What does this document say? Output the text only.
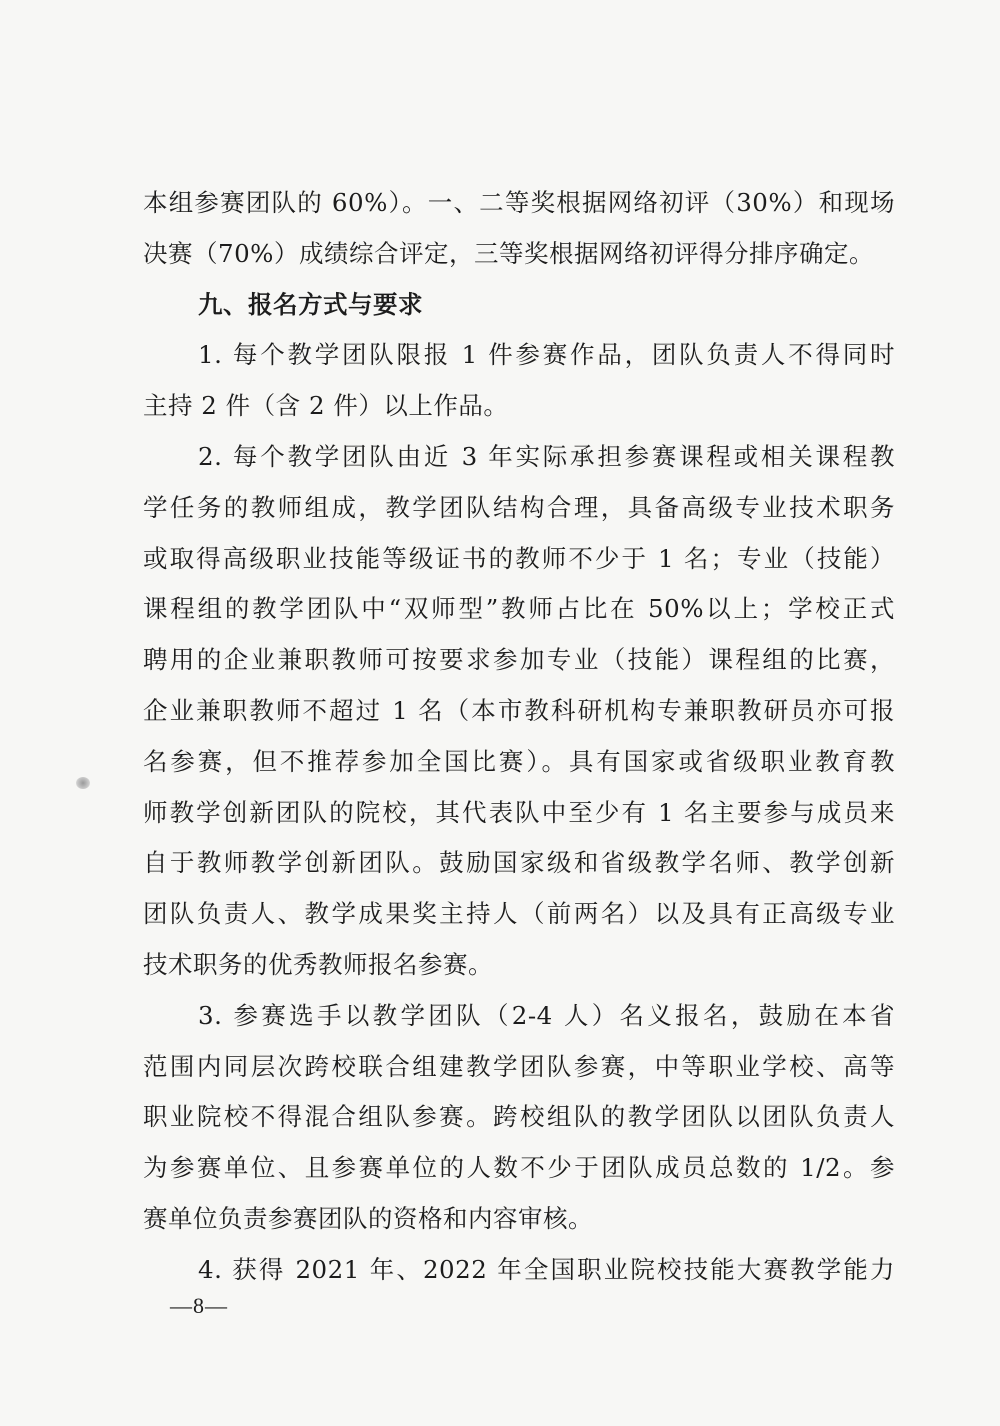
本组参赛团队的 60%）。一、二等奖根据网络初评（30%）和现场
决赛（70%）成绩综合评定，三等奖根据网络初评得分排序确定。
九、报名方式与要求
1. 每个教学团队限报 1 件参赛作品，团队负责人不得同时
主持 2 件（含 2 件）以上作品。
2. 每个教学团队由近 3 年实际承担参赛课程或相关课程教
学任务的教师组成，教学团队结构合理，具备高级专业技术职务
或取得高级职业技能等级证书的教师不少于 1 名；专业（技能）
课程组的教学团队中“双师型”教师占比在 50%以上；学校正式
聘用的企业兼职教师可按要求参加专业（技能）课程组的比赛，
企业兼职教师不超过 1 名（本市教科研机构专兼职教研员亦可报
名参赛，但不推荐参加全国比赛）。具有国家或省级职业教育教
师教学创新团队的院校，其代表队中至少有 1 名主要参与成员来
自于教师教学创新团队。鼓励国家级和省级教学名师、教学创新
团队负责人、教学成果奖主持人（前两名）以及具有正高级专业
技术职务的优秀教师报名参赛。
3. 参赛选手以教学团队（2-4 人）名义报名，鼓励在本省
范围内同层次跨校联合组建教学团队参赛，中等职业学校、高等
职业院校不得混合组队参赛。跨校组队的教学团队以团队负责人
为参赛单位、且参赛单位的人数不少于团队成员总数的 1/2。参
赛单位负责参赛团队的资格和内容审核。
4. 获得 2021 年、2022 年全国职业院校技能大赛教学能力
—8—
